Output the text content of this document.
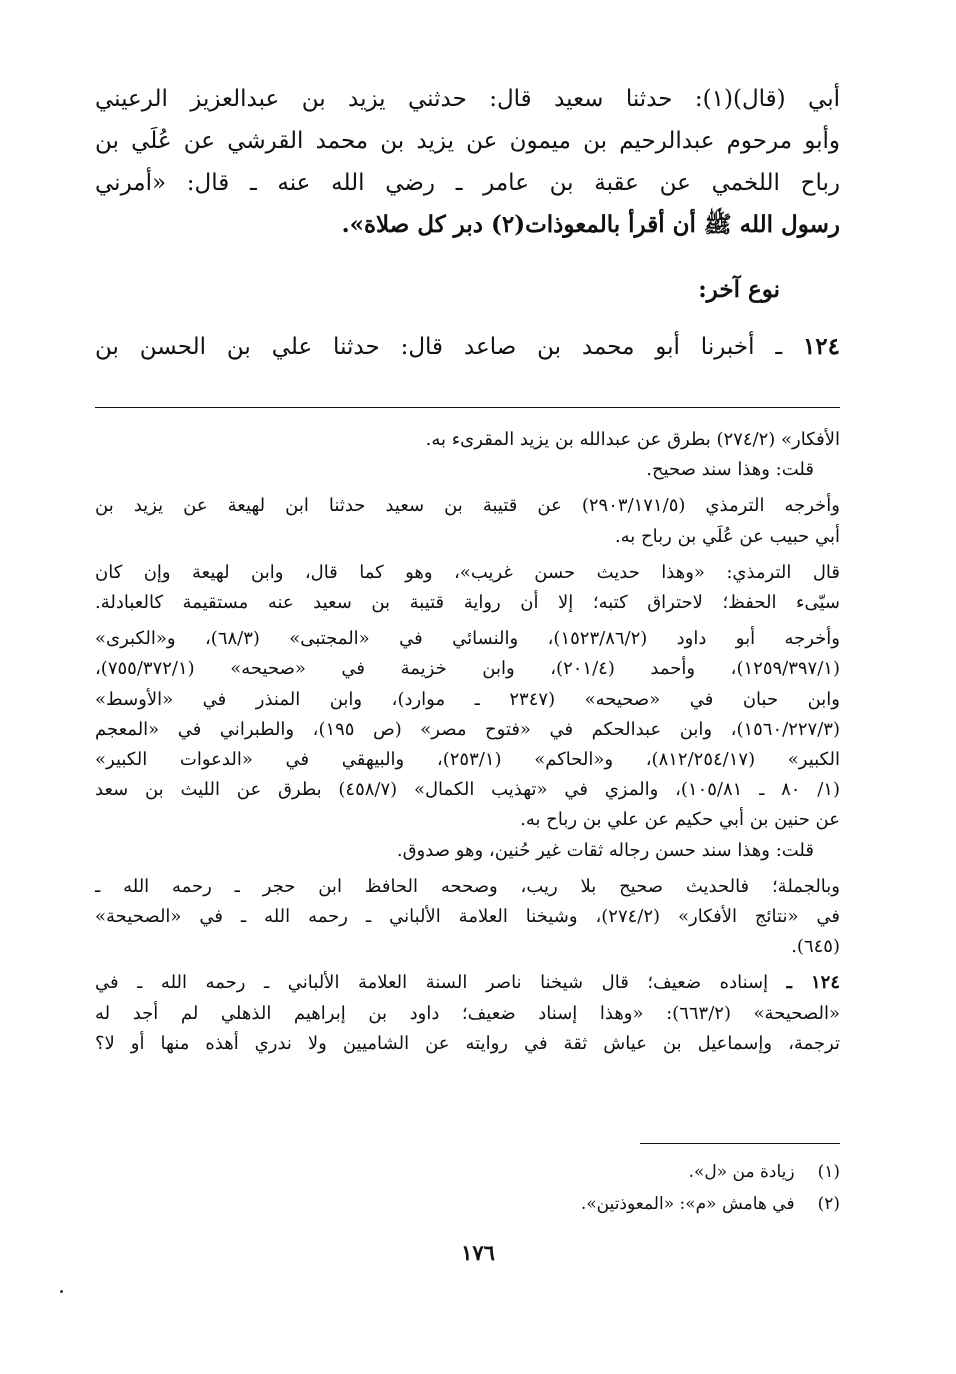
أبي (قال)(١): حدثنا سعيد قال: حدثني يزيد بن عبدالعزيز الرعيني
وأبو مرحوم عبدالرحيم بن ميمون عن يزيد بن محمد القرشي عن عُلَي بن
رباح اللخمي عن عقبة بن عامر ـ رضي الله عنه ـ قال: «أمرني
رسول الله ﷺ أن أقرأ بالمعوذات(٢) دبر كل صلاة».
نوع آخر:
١٢٤ ـ أخبرنا أبو محمد بن صاعد قال: حدثنا علي بن الحسن بن
الأفكار» (٢٧٤/٢) بطرق عن عبدالله بن يزيد المقرىء به.
قلت: وهذا سند صحيح.
وأخرجه الترمذي (٢٩٠٣/١٧١/٥) عن قتيبة بن سعيد حدثنا ابن لهيعة عن يزيد بن
أبي حبيب عن عُلَي بن رباح به.
قال الترمذي: «وهذا حديث حسن غريب»، وهو كما قال، وابن لهيعة وإن كان
سيّىء الحفظ؛ لاحتراق كتبه؛ إلا أن رواية قتيبة بن سعيد عنه مستقيمة كالعبادلة.
وأخرجه أبو داود (١٥٢٣/٨٦/٢)، والنسائي في «المجتبى» (٦٨/٣)، و«الكبرى»
(١٢٥٩/٣٩٧/١)، وأحمد (٢٠١/٤)، وابن خزيمة في «صحيحه» (٧٥٥/٣٧٢/١)،
وابن حبان في «صحيحه» (٢٣٤٧ ـ موارد)، وابن المنذر في «الأوسط»
(١٥٦٠/٢٢٧/٣)، وابن عبدالحكم في «فتوح مصر» (ص ١٩٥)، والطبراني في «المعجم
الكبير» (٨١٢/٢٥٤/١٧)، و«الحاكم» (٢٥٣/١)، والبيهقي في «الدعوات الكبير»
(١/ ٨٠ ـ ١٠٥/٨١)، والمزي في «تهذيب الكمال» (٤٥٨/٧) بطرق عن الليث بن سعد
عن حنين بن أبي حكيم عن علي بن رباح به.
قلت: وهذا سند حسن رجاله ثقات غير حُنين، وهو صدوق.
وبالجملة؛ فالحديث صحيح بلا ريب، وصححه الحافظ ابن حجر ـ رحمه الله ـ
في «نتائج الأفكار» (٢٧٤/٢)، وشيخنا العلامة الألباني ـ رحمه الله ـ في «الصحيحة»
(٦٤٥).
١٢٤ ـ إسناده ضعيف؛ قال شيخنا ناصر السنة العلامة الألباني ـ رحمه الله ـ في
«الصحيحة» (٦٦٣/٢): «وهذا إسناد ضعيف؛ داود بن إبراهيم الذهلي لم أجد له
ترجمة، وإسماعيل بن عياش ثقة في روايته عن الشاميين ولا ندري أهذه منها أو لا؟
(١) زيادة من «ل».
(٢) في هامش «م»: «المعوذتين».
١٧٦
